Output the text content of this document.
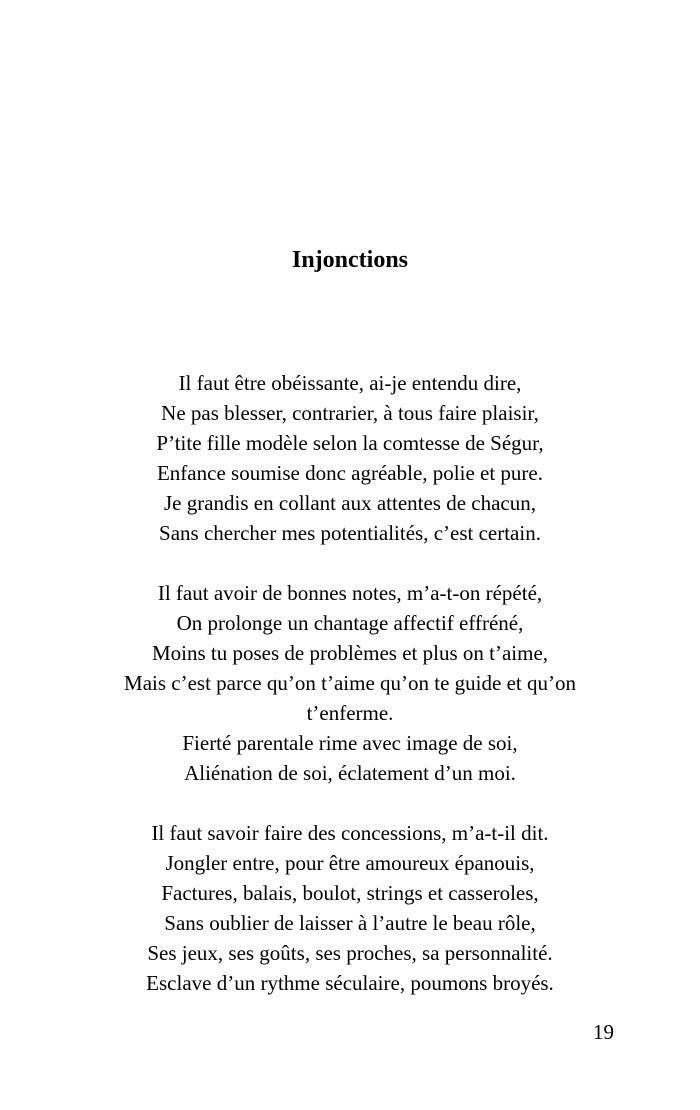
Injonctions
Il faut être obéissante, ai-je entendu dire,
Ne pas blesser, contrarier, à tous faire plaisir,
P’tite fille modèle selon la comtesse de Ségur,
Enfance soumise donc agréable, polie et pure.
Je grandis en collant aux attentes de chacun,
Sans chercher mes potentialités, c’est certain.
Il faut avoir de bonnes notes, m’a-t-on répété,
On prolonge un chantage affectif effréné,
Moins tu poses de problèmes et plus on t’aime,
Mais c’est parce qu’on t’aime qu’on te guide et qu’on
t’enferme.
Fierté parentale rime avec image de soi,
Aliénation de soi, éclatement d’un moi.
Il faut savoir faire des concessions, m’a-t-il dit.
Jongler entre, pour être amoureux épanouis,
Factures, balais, boulot, strings et casseroles,
Sans oublier de laisser à l’autre le beau rôle,
Ses jeux, ses goûts, ses proches, sa personnalité.
Esclave d’un rythme séculaire, poumons broyés.
19
